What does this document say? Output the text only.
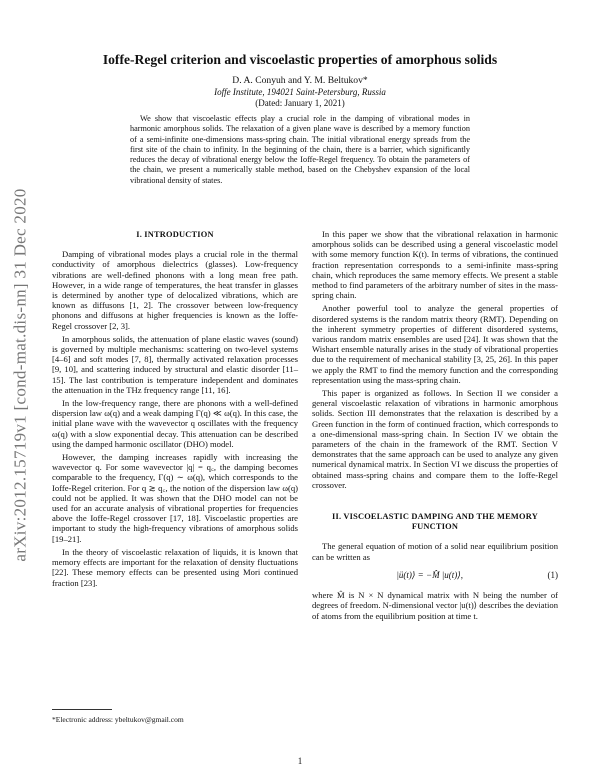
arXiv:2012.15719v1 [cond-mat.dis-nn] 31 Dec 2020
Ioffe-Regel criterion and viscoelastic properties of amorphous solids
D. A. Conyuh and Y. M. Beltukov*
Ioffe Institute, 194021 Saint-Petersburg, Russia
(Dated: January 1, 2021)

We show that viscoelastic effects play a crucial role in the damping of vibrational modes in harmonic amorphous solids. The relaxation of a given plane wave is described by a memory function of a semi-infinite one-dimensions mass-spring chain. The initial vibrational energy spreads from the first site of the chain to infinity. In the beginning of the chain, there is a barrier, which significantly reduces the decay of vibrational energy below the Ioffe-Regel frequency. To obtain the parameters of the chain, we present a numerically stable method, based on the Chebyshev expansion of the local vibrational density of states.

I. INTRODUCTION

Damping of vibrational modes plays a crucial role in the thermal conductivity of amorphous dielectrics (glasses). Low-frequency vibrations are well-defined phonons with a long mean free path. However, in a wide range of temperatures, the heat transfer in glasses is determined by another type of delocalized vibrations, which are known as diffusons [1, 2]. The crossover between low-frequency phonons and diffusons at higher frequencies is known as the Ioffe-Regel crossover [2, 3].

In amorphous solids, the attenuation of plane elastic waves (sound) is governed by multiple mechanisms: scattering on two-level systems [4–6] and soft modes [7, 8], thermally activated relaxation processes [9, 10], and scattering induced by structural and elastic disorder [11–15]. The last contribution is temperature independent and dominates the attenuation in the THz frequency range [11, 16].

In the low-frequency range, there are phonons with a well-defined dispersion law ω(q) and a weak damping Γ(q) ≪ ω(q). In this case, the initial plane wave with the wavevector q oscillates with the frequency ω(q) with a slow exponential decay. This attenuation can be described using the damped harmonic oscillator (DHO) model.

However, the damping increases rapidly with increasing the wavevector q. For some wavevector |q| = q꜀, the damping becomes comparable to the frequency, Γ(q) ∼ ω(q), which corresponds to the Ioffe-Regel criterion. For q ≳ q꜀, the notion of the dispersion law ω(q) could not be applied. It was shown that the DHO model can not be used for an accurate analysis of vibrational properties for frequencies above the Ioffe-Regel crossover [17, 18]. Viscoelastic properties are important to study the high-frequency vibrations of amorphous solids [19–21].

In the theory of viscoelastic relaxation of liquids, it is known that memory effects are important for the relaxation of density fluctuations [22]. These memory effects can be presented using Mori continued fraction [23].

In this paper we show that the vibrational relaxation in harmonic amorphous solids can be described using a general viscoelastic model with some memory function K(t). In terms of vibrations, the continued fraction representation corresponds to a semi-infinite mass-spring chain, which reproduces the same memory effects. We present a stable method to find parameters of the arbitrary number of sites in the mass-spring chain.

Another powerful tool to analyze the general properties of disordered systems is the random matrix theory (RMT). Depending on the inherent symmetry properties of different disordered systems, various random matrix ensembles are used [24]. It was shown that the Wishart ensemble naturally arises in the study of vibrational properties due to the requirement of mechanical stability [3, 25, 26]. In this paper we apply the RMT to find the memory function and the corresponding representation using the mass-spring chain.

This paper is organized as follows. In Section II we consider a general viscoelastic relaxation of vibrations in harmonic amorphous solids. Section III demonstrates that the relaxation is described by a Green function in the form of continued fraction, which corresponds to a one-dimensional mass-spring chain. In Section IV we obtain the parameters of the chain in the framework of the RMT. Section V demonstrates that the same approach can be used to analyze any given numerical dynamical matrix. In Section VI we discuss the properties of obtained mass-spring chains and compare them to the Ioffe-Regel crossover.

II. VISCOELASTIC DAMPING AND THE MEMORY FUNCTION

The general equation of motion of a solid near equilibrium position can be written as

|ü(t)⟩ = −M̂ |u(t)⟩,	(1)

where M̂ is N × N dynamical matrix with N being the number of degrees of freedom. N-dimensional vector |u(t)⟩ describes the deviation of atoms from the equilibrium position at time t.

*Electronic address: ybeltukov@gmail.com
1
